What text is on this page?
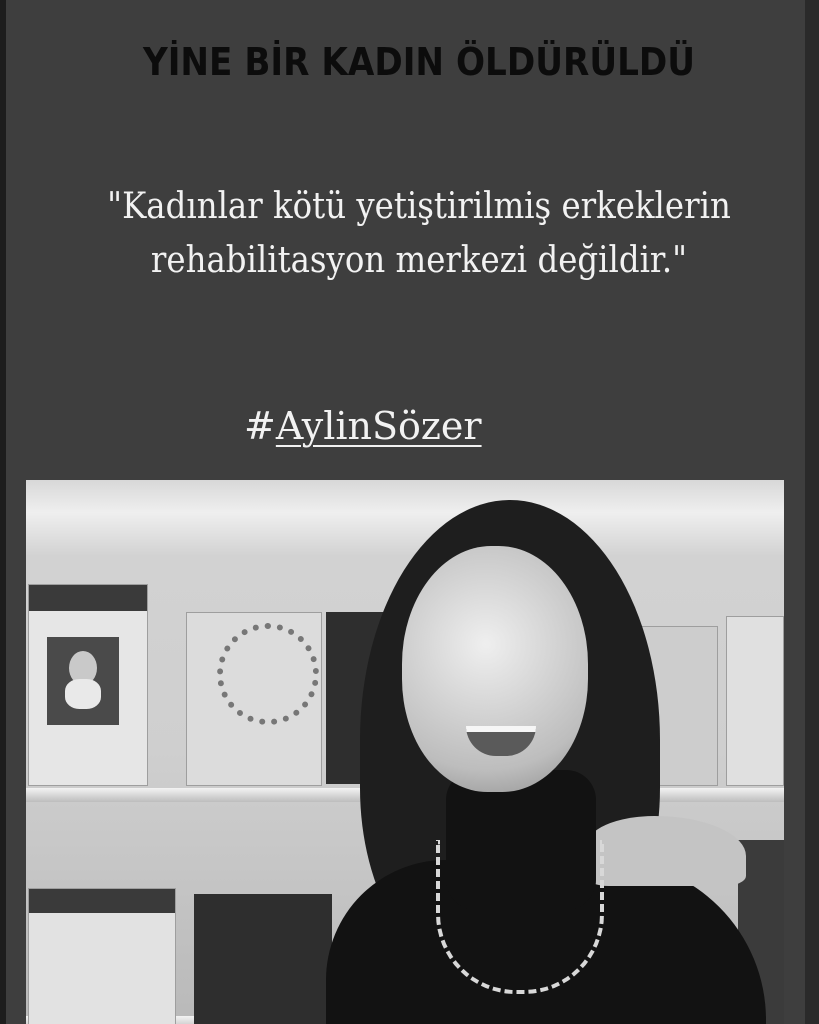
YİNE BİR KADIN ÖLDÜRÜLDÜ
"Kadınlar kötü yetiştirilmiş erkeklerin
rehabilitasyon merkezi değildir."
#AylinSözer
